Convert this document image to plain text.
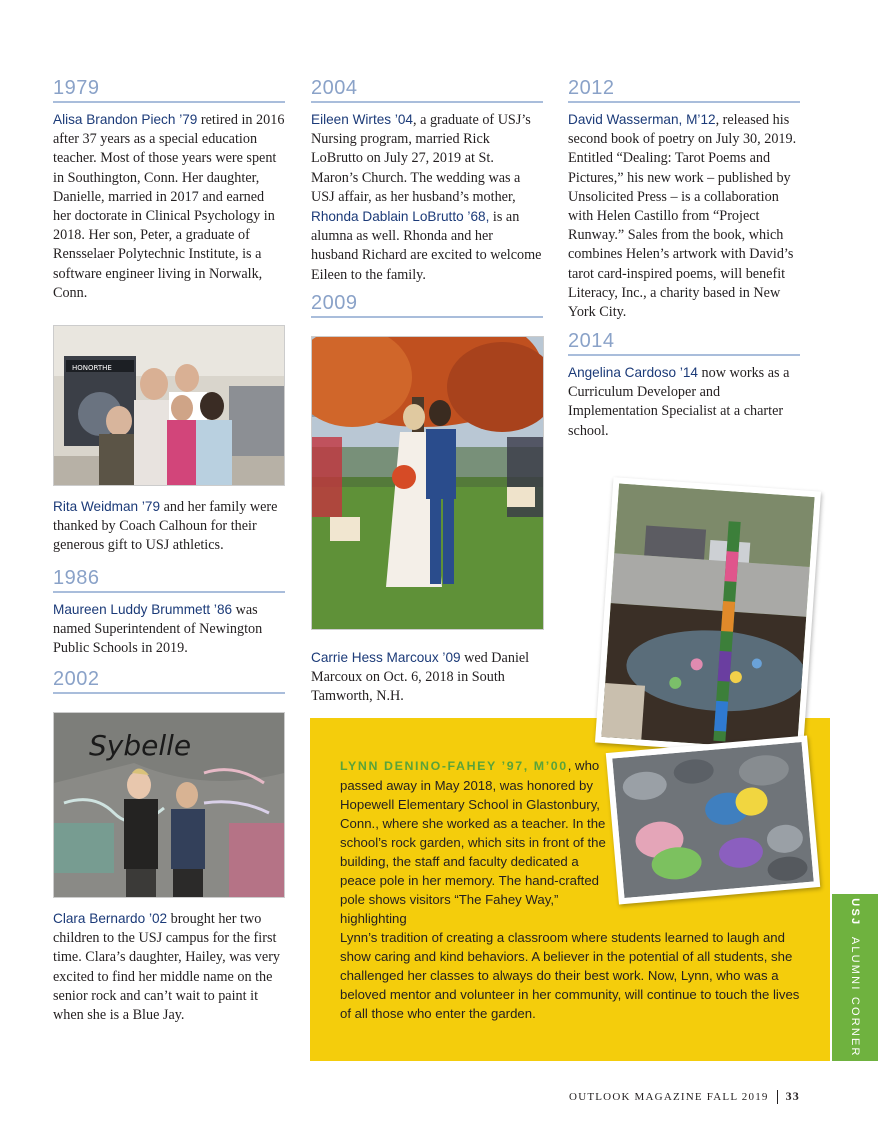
1979

Alisa Brandon Piech ’79 retired in 2016 after 37 years as a special education teacher. Most of those years were spent in Southington, Conn. Her daughter, Danielle, married in 2017 and earned her doctorate in Clinical Psychology in 2018. Her son, Peter, a graduate of Rensselaer Polytechnic Institute, is a software engineer living in Norwalk, Conn.

HONORTHE

Rita Weidman ’79 and her family were thanked by Coach Calhoun for their generous gift to USJ athletics.

1986

Maureen Luddy Brummett ’86 was named Superintendent of Newington Public Schools in 2019.

2002
Sybelle

Clara Bernardo ’02 brought her two children to the USJ campus for the first time. Clara’s daughter, Hailey, was very excited to find her middle name on the senior rock and can’t wait to paint it when she is a Blue Jay.

2004

Eileen Wirtes ’04, a graduate of USJ’s Nursing program, married Rick LoBrutto on July 27, 2019 at St. Maron’s Church. The wedding was a USJ affair, as her husband’s mother,
Rhonda Dablain LoBrutto ’68, is an alumna as well. Rhonda and her husband Richard are excited to welcome Eileen to the family.

2009

Carrie Hess Marcoux ’09 wed Daniel Marcoux on Oct. 6, 2018 in South Tamworth, N.H.

2012

David Wasserman, M’12, released his second book of poetry on July 30, 2019. Entitled “Dealing: Tarot Poems and Pictures,” his new work – published by Unsolicited Press – is a collaboration with Helen Castillo from “Project Runway.” Sales from the book, which combines Helen’s artwork with David’s tarot card-inspired poems, will benefit Literacy, Inc., a charity based in New York City.

2014

Angelina Cardoso ’14 now works as a Curriculum Developer and Implementation Specialist at a charter school.

LYNN DENINO-FAHEY ’97, M’00, who passed away in May 2018, was honored by Hopewell Elementary School in Glastonbury, Conn., where she worked as a teacher. In the school’s rock garden, which sits in front of the building, the staff and faculty dedicated a peace pole in her memory. The hand-crafted pole shows visitors “The Fahey Way,” highlighting

Lynn’s tradition of creating a classroom where students learned to laugh and show caring and kind behaviors. A believer in the potential of all students, she challenged her classes to always do their best work. Now, Lynn, who was a beloved mentor and volunteer in her community, will continue to touch the lives of all those who enter the garden.

USJ  ALUMNI CORNER
OUTLOOK MAGAZINE FALL 2019 33
